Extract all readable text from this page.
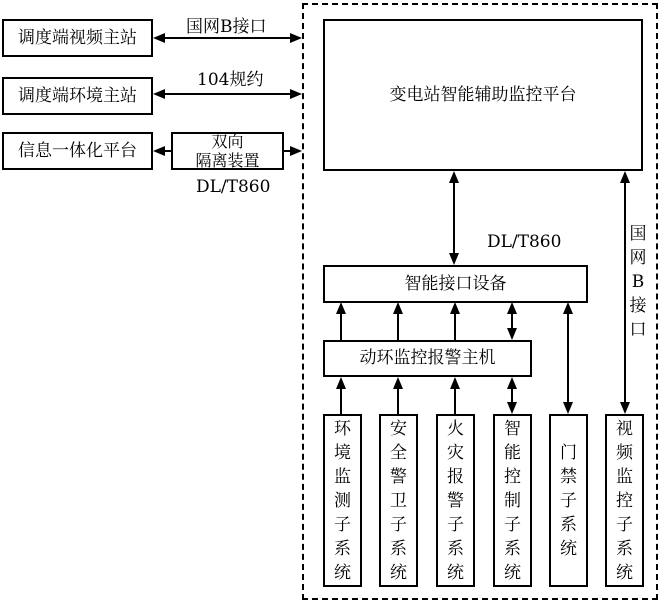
调度端视频主站
调度端环境主站
信息一体化平台	双向
隔离装置
国网B接口
104规约
DL/T860
变电站智能辅助监控平台
智能接口设备
动环监控报警主机
DL/T860	国网B接口
环境监测子系统
安全警卫子系统
火灾报警子系统
智能控制子系统
门禁子系统
视频监控子系统
